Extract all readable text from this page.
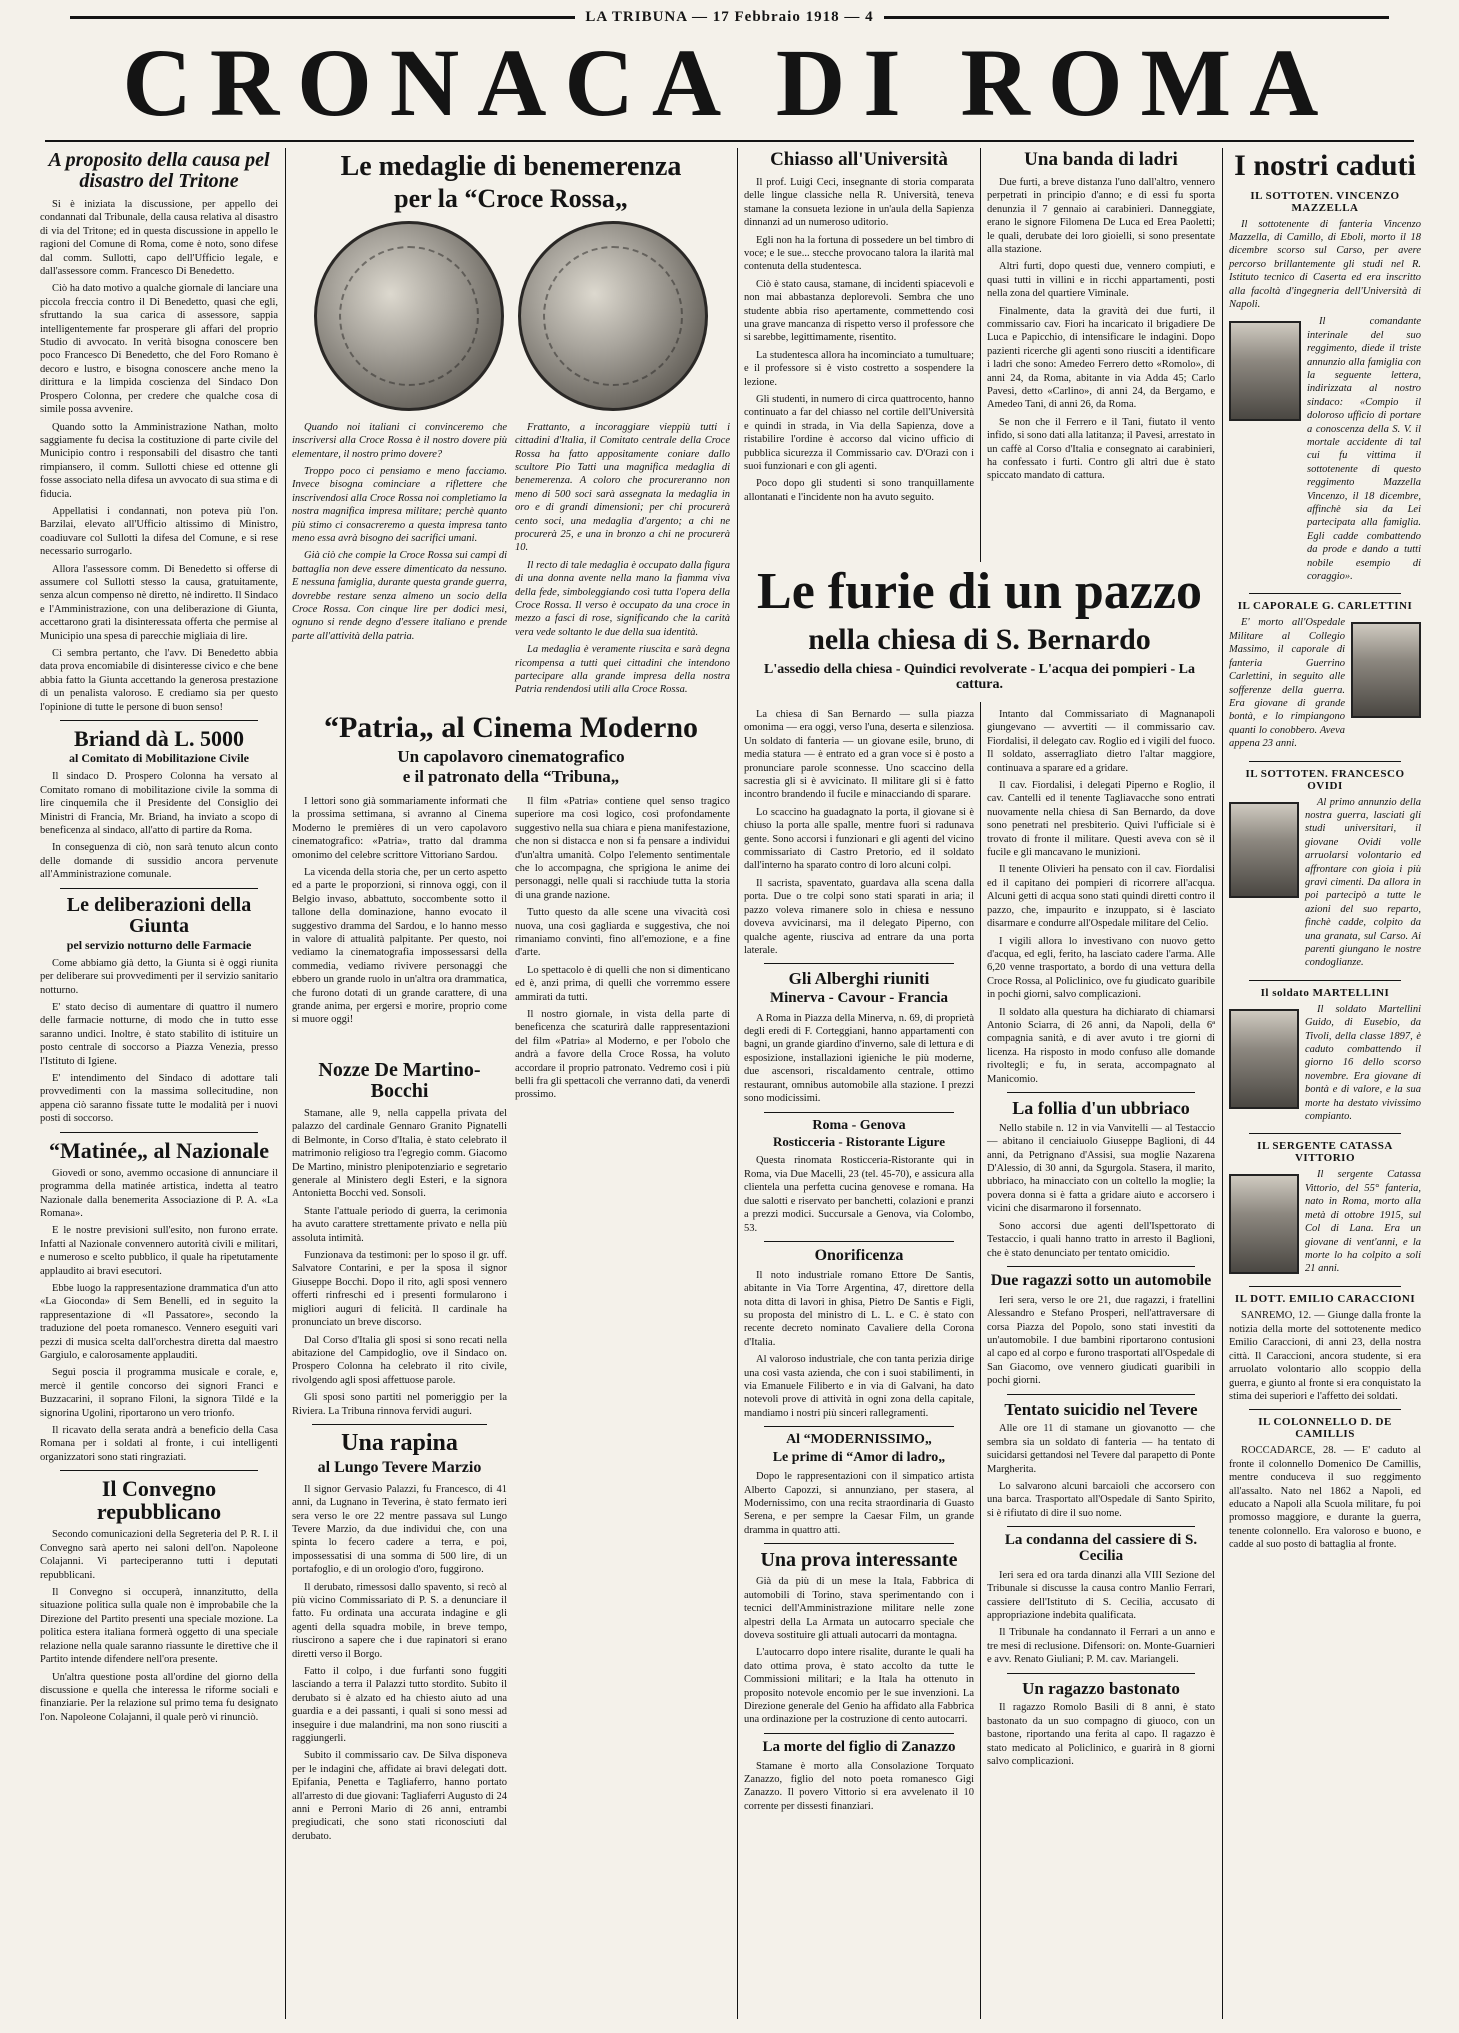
LA TRIBUNA — 17 Febbraio 1918 — 4
CRONACA DI ROMA
A proposito della causa pel disastro del Tritone

Si è iniziata la discussione, per appello dei condannati dal Tribunale, della causa relativa al disastro di via del Tritone; ed in questa discussione in appello le ragioni del Comune di Roma, come è noto, sono difese dal comm. Sullotti, capo dell'Ufficio legale, e dall'assessore comm. Francesco Di Benedetto.

Ciò ha dato motivo a qualche giornale di lanciare una piccola freccia contro il Di Benedetto, quasi che egli, sfruttando la sua carica di assessore, sappia intelligentemente far prosperare gli affari del proprio Studio di avvocato. In verità bisogna conoscere ben poco Francesco Di Benedetto, che del Foro Romano è decoro e lustro, e bisogna conoscere anche meno la dirittura e la limpida coscienza del Sindaco Don Prospero Colonna, per credere che qualche cosa di simile possa avvenire.

Quando sotto la Amministrazione Nathan, molto saggiamente fu decisa la costituzione di parte civile del Municipio contro i responsabili del disastro che tanti rimpiansero, il comm. Sullotti chiese ed ottenne gli fosse associato nella difesa un avvocato di sua stima e di fiducia.

Appellatisi i condannati, non poteva più l'on. Barzilai, elevato all'Ufficio altissimo di Ministro, coadiuvare col Sullotti la difesa del Comune, e si rese necessario surrogarlo.

Allora l'assessore comm. Di Benedetto si offerse di assumere col Sullotti stesso la causa, gratuitamente, senza alcun compenso nè diretto, nè indiretto. Il Sindaco e l'Amministrazione, con una deliberazione di Giunta, accettarono grati la disinteressata offerta che permise al Municipio una spesa di parecchie migliaia di lire.

Ci sembra pertanto, che l'avv. Di Benedetto abbia data prova encomiabile di disinteresse civico e che bene abbia fatto la Giunta accettando la generosa prestazione di un penalista valoroso. E crediamo sia per questo l'opinione di tutte le persone di buon senso!

Briand dà L. 5000
al Comitato di Mobilitazione Civile

Il sindaco D. Prospero Colonna ha versato al Comitato romano di mobilitazione civile la somma di lire cinquemila che il Presidente del Consiglio dei Ministri di Francia, Mr. Briand, ha inviato a scopo di beneficenza al sindaco, all'atto di partire da Roma.

In conseguenza di ciò, non sarà tenuto alcun conto delle domande di sussidio ancora pervenute all'Amministrazione comunale.

Le deliberazioni della Giunta
pel servizio notturno delle Farmacie

Come abbiamo già detto, la Giunta si è oggi riunita per deliberare sui provvedimenti per il servizio sanitario notturno.

E' stato deciso di aumentare di quattro il numero delle farmacie notturne, di modo che in tutto esse saranno undici. Inoltre, è stato stabilito di istituire un posto centrale di soccorso a Piazza Venezia, presso l'Istituto di Igiene.

E' intendimento del Sindaco di adottare tali provvedimenti con la massima sollecitudine, non appena ciò saranno fissate tutte le modalità per i nuovi posti di soccorso.

“Matinée„ al Nazionale

Giovedì or sono, avemmo occasione di annunciare il programma della matinée artistica, indetta al teatro Nazionale dalla benemerita Associazione di P. A. «La Romana».

E le nostre previsioni sull'esito, non furono errate. Infatti al Nazionale convennero autorità civili e militari, e numeroso e scelto pubblico, il quale ha ripetutamente applaudito ai bravi esecutori.

Ebbe luogo la rappresentazione drammatica d'un atto «La Gioconda» di Sem Benelli, ed in seguito la rappresentazione di «Il Passatore», secondo la traduzione del poeta romanesco. Vennero eseguiti vari pezzi di musica scelta dall'orchestra diretta dal maestro Gargiulo, e calorosamente applauditi.

Seguì poscia il programma musicale e corale, e, mercè il gentile concorso dei signori Franci e Buzzacarini, il soprano Filoni, la signora Tildé e la signorina Ugolini, riportarono un vero trionfo.

Il ricavato della serata andrà a beneficio della Casa Romana per i soldati al fronte, i cui intelligenti organizzatori sono stati ringraziati.

Il Convegno repubblicano

Secondo comunicazioni della Segreteria del P. R. I. il Convegno sarà aperto nei saloni dell'on. Napoleone Colajanni. Vi parteciperanno tutti i deputati repubblicani.

Il Convegno si occuperà, innanzitutto, della situazione politica sulla quale non è improbabile che la Direzione del Partito presenti una speciale mozione. La politica estera italiana formerà oggetto di una speciale relazione nella quale saranno riassunte le direttive che il Partito intende difendere nell'ora presente.

Un'altra questione posta all'ordine del giorno della discussione e quella che interessa le riforme sociali e finanziarie. Per la relazione sul primo tema fu designato l'on. Napoleone Colajanni, il quale però vi rinunciò.

Le medaglie di benemerenza
per la “Croce Rossa„

Quando noi italiani ci convinceremo che inscriversi alla Croce Rossa è il nostro dovere più elementare, il nostro primo dovere?

Troppo poco ci pensiamo e meno facciamo. Invece bisogna cominciare a riflettere che inscrivendosi alla Croce Rossa noi completiamo la nostra magnifica impresa militare; perchè quanto più stimo ci consacreremo a questa impresa tanto meno essa avrà bisogno dei sacrifici umani.

Già ciò che compie la Croce Rossa sui campi di battaglia non deve essere dimenticato da nessuno. E nessuna famiglia, durante questa grande guerra, dovrebbe restare senza almeno un socio della Croce Rossa. Con cinque lire per dodici mesi, ognuno si rende degno d'essere italiano e prende parte all'attività della patria.

Frattanto, a incoraggiare vieppiù tutti i cittadini d'Italia, il Comitato centrale della Croce Rossa ha fatto appositamente coniare dallo scultore Pio Tatti una magnifica medaglia di benemerenza. A coloro che procureranno non meno di 500 soci sarà assegnata la medaglia in oro e di grandi dimensioni; per chi procurerà cento soci, una medaglia d'argento; a chi ne procurerà 25, e una in bronzo a chi ne procurerà 10.

Il recto di tale medaglia è occupato dalla figura di una donna avente nella mano la fiamma viva della fede, simboleggiando così tutta l'opera della Croce Rossa. Il verso è occupato da una croce in mezzo a fasci di rose, significando che la carità vera vede soltanto le due della sua identità.

La medaglia è veramente riuscita e sarà degna ricompensa a tutti quei cittadini che intendono partecipare alla grande impresa della nostra Patria rendendosi utili alla Croce Rossa.

“Patria„ al Cinema Moderno
Un capolavoro cinematografico
e il patronato della “Tribuna„

I lettori sono già sommariamente informati che la prossima settimana, si avranno al Cinema Moderno le premières di un vero capolavoro cinematografico: «Patria», tratto dal dramma omonimo del celebre scrittore Vittoriano Sardou.

La vicenda della storia che, per un certo aspetto ed a parte le proporzioni, si rinnova oggi, con il Belgio invaso, abbattuto, soccombente sotto il tallone della dominazione, hanno evocato il suggestivo dramma del Sardou, e lo hanno messo in valore di attualità palpitante. Per questo, noi vediamo la cinematografia impossessarsi della commedia, vediamo rivivere personaggi che ebbero un grande ruolo in un'altra ora drammatica, che furono dotati di un grande carattere, di una grande anima, per ergersi e morire, proprio come si muore oggi!

Il film «Patria» contiene quel senso tragico superiore ma così logico, così profondamente suggestivo nella sua chiara e piena manifestazione, che non si distacca e non si fa pensare a individui d'un'altra umanità. Colpo l'elemento sentimentale che lo accompagna, che sprigiona le anime dei personaggi, nelle quali si racchiude tutta la storia di una grande nazione.

Tutto questo da alle scene una vivacità così nuova, una così gagliarda e suggestiva, che noi rimaniamo convinti, fino all'emozione, e a fine d'arte.

Lo spettacolo è di quelli che non si dimenticano ed è, anzi prima, di quelli che vorremmo essere ammirati da tutti.

Il nostro giornale, in vista della parte di beneficenza che scaturirà dalle rappresentazioni del film «Patria» al Moderno, e per l'obolo che andrà a favore della Croce Rossa, ha voluto accordare il proprio patronato. Vedremo così i più belli fra gli spettacoli che verranno dati, da venerdì prossimo.

Nozze De Martino-Bocchi

Stamane, alle 9, nella cappella privata del palazzo del cardinale Gennaro Granito Pignatelli di Belmonte, in Corso d'Italia, è stato celebrato il matrimonio religioso tra l'egregio comm. Giacomo De Martino, ministro plenipotenziario e segretario generale al Ministero degli Esteri, e la signora Antonietta Bocchi ved. Sonsoli.

Stante l'attuale periodo di guerra, la cerimonia ha avuto carattere strettamente privato e nella più assoluta intimità.

Funzionava da testimoni: per lo sposo il gr. uff. Salvatore Contarini, e per la sposa il signor Giuseppe Bocchi. Dopo il rito, agli sposi vennero offerti rinfreschi ed i presenti formularono i migliori auguri di felicità. Il cardinale ha pronunciato un breve discorso.

Dal Corso d'Italia gli sposi si sono recati nella abitazione del Campidoglio, ove il Sindaco on. Prospero Colonna ha celebrato il rito civile, rivolgendo agli sposi affettuose parole.

Gli sposi sono partiti nel pomeriggio per la Riviera. La Tribuna rinnova fervidi auguri.

Una rapina
al Lungo Tevere Marzio

Il signor Gervasio Palazzi, fu Francesco, di 41 anni, da Lugnano in Teverina, è stato fermato ieri sera verso le ore 22 mentre passava sul Lungo Tevere Marzio, da due individui che, con una spinta lo fecero cadere a terra, e poi, impossessatisi di una somma di 500 lire, di un portafoglio, e di un orologio d'oro, fuggirono.

Il derubato, rimessosi dallo spavento, si recò al più vicino Commissariato di P. S. a denunciare il fatto. Fu ordinata una accurata indagine e gli agenti della squadra mobile, in breve tempo, riuscirono a sapere che i due rapinatori si erano diretti verso il Borgo.

Fatto il colpo, i due furfanti sono fuggiti lasciando a terra il Palazzi tutto stordito. Subito il derubato si è alzato ed ha chiesto aiuto ad una guardia e a dei passanti, i quali si sono messi ad inseguire i due malandrini, ma non sono riusciti a raggiungerli.

Subito il commissario cav. De Silva disponeva per le indagini che, affidate ai bravi delegati dott. Epifania, Penetta e Tagliaferro, hanno portato all'arresto di due giovani: Tagliaferri Augusto di 24 anni e Perroni Mario di 26 anni, entrambi pregiudicati, che sono stati riconosciuti dal derubato.

Chiasso all'Università

Il prof. Luigi Ceci, insegnante di storia comparata delle lingue classiche nella R. Università, teneva stamane la consueta lezione in un'aula della Sapienza dinnanzi ad un numeroso uditorio.

Egli non ha la fortuna di possedere un bel timbro di voce; e le sue... stecche provocano talora la ilarità mal contenuta della studentesca.

Ciò è stato causa, stamane, di incidenti spiacevoli e non mai abbastanza deplorevoli. Sembra che uno studente abbia riso apertamente, commettendo così una grave mancanza di rispetto verso il professore che si sarebbe, legittimamente, risentito.

La studentesca allora ha incominciato a tumultuare; e il professore si è visto costretto a sospendere la lezione.

Gli studenti, in numero di circa quattrocento, hanno continuato a far del chiasso nel cortile dell'Università e quindi in strada, in Via della Sapienza, dove a ristabilire l'ordine è accorso dal vicino ufficio di pubblica sicurezza il Commissario cav. D'Orazi con i suoi funzionari e con gli agenti.

Poco dopo gli studenti si sono tranquillamente allontanati e l'incidente non ha avuto seguito.

Una banda di ladri

Due furti, a breve distanza l'uno dall'altro, vennero perpetrati in principio d'anno; e di essi fu sporta denunzia il 7 gennaio ai carabinieri. Danneggiate, erano le signore Filomena De Luca ed Erea Paoletti; le quali, derubate dei loro gioielli, si sono presentate alla stazione.

Altri furti, dopo questi due, vennero compiuti, e quasi tutti in villini e in ricchi appartamenti, posti nella zona del quartiere Viminale.

Finalmente, data la gravità dei due furti, il commissario cav. Fiori ha incaricato il brigadiere De Luca e Papicchio, di intensificare le indagini. Dopo pazienti ricerche gli agenti sono riusciti a identificare i ladri che sono: Amedeo Ferrero detto «Romolo», di anni 24, da Roma, abitante in via Adda 45; Carlo Pavesi, detto «Carlino», di anni 24, da Bergamo, e Amedeo Tani, di anni 26, da Roma.

Se non che il Ferrero e il Tani, fiutato il vento infido, si sono dati alla latitanza; il Pavesi, arrestato in un caffè al Corso d'Italia e consegnato ai carabinieri, ha confessato i furti. Contro gli altri due è stato spiccato mandato di cattura.

Le furie di un pazzo
nella chiesa di S. Bernardo
L'assedio della chiesa - Quindici revolverate - L'acqua dei pompieri - La cattura.

La chiesa di San Bernardo — sulla piazza omonima — era oggi, verso l'una, deserta e silenziosa. Un soldato di fanteria — un giovane esile, bruno, di media statura — è entrato ed a gran voce si è posto a pronunciare parole sconnesse. Uno scaccino della sacrestia gli si è avvicinato. Il militare gli si è fatto incontro brandendo il fucile e minacciando di sparare.

Lo scaccino ha guadagnato la porta, il giovane si è chiuso la porta alle spalle, mentre fuori si radunava gente. Sono accorsi i funzionari e gli agenti del vicino commissariato di Castro Pretorio, ed il soldato dall'interno ha sparato contro di loro alcuni colpi.

Il sacrista, spaventato, guardava alla scena dalla porta. Due o tre colpi sono stati sparati in aria; il pazzo voleva rimanere solo in chiesa e nessuno doveva avvicinarsi, ma il delegato Piperno, con qualche agente, riusciva ad entrare da una porta laterale.

Gli Alberghi riuniti
Minerva - Cavour - Francia

A Roma in Piazza della Minerva, n. 69, di proprietà degli eredi di F. Corteggiani, hanno appartamenti con bagni, un grande giardino d'inverno, sale di lettura e di esposizione, installazioni igieniche le più moderne, due ascensori, riscaldamento centrale, ottimo restaurant, omnibus automobile alla stazione. I prezzi sono modicissimi.

Roma - Genova
Rosticceria - Ristorante Ligure

Questa rinomata Rosticceria-Ristorante qui in Roma, via Due Macelli, 23 (tel. 45-70), e assicura alla clientela una perfetta cucina genovese e romana. Ha due salotti e riservato per banchetti, colazioni e pranzi a prezzi modici. Succursale a Genova, via Colombo, 53.

Onorificenza

Il noto industriale romano Ettore De Santis, abitante in Via Torre Argentina, 47, direttore della nota ditta di lavori in ghisa, Pietro De Santis e Figli, su proposta del ministro di L. L. e C. è stato con recente decreto nominato Cavaliere della Corona d'Italia.

Al valoroso industriale, che con tanta perizia dirige una così vasta azienda, che con i suoi stabilimenti, in via Emanuele Filiberto e in via di Galvani, ha dato notevoli prove di attività in ogni zona della capitale, mandiamo i nostri più sinceri rallegramenti.

Al “MODERNISSIMO„
Le prime di “Amor di ladro„

Dopo le rappresentazioni con il simpatico artista Alberto Capozzi, si annunziano, per stasera, al Modernissimo, con una recita straordinaria di Guasto Serena, e per sempre la Caesar Film, un grande dramma in quattro atti.

Una prova interessante

Già da più di un mese la Itala, Fabbrica di automobili di Torino, stava sperimentando con i tecnici dell'Amministrazione militare nelle zone alpestri della La Armata un autocarro speciale che doveva sostituire gli attuali autocarri da montagna.

L'autocarro dopo intere risalite, durante le quali ha dato ottima prova, è stato accolto da tutte le Commissioni militari; e la Itala ha ottenuto in proposito notevole encomio per le sue invenzioni. La Direzione generale del Genio ha affidato alla Fabbrica una ordinazione per la costruzione di cento autocarri.

La morte del figlio di Zanazzo

Stamane è morto alla Consolazione Torquato Zanazzo, figlio del noto poeta romanesco Gigi Zanazzo. Il povero Vittorio si era avvelenato il 10 corrente per dissesti finanziari.

Intanto dal Commissariato di Magnanapoli giungevano — avvertiti — il commissario cav. Fiordalisi, il delegato cav. Roglio ed i vigili del fuoco. Il soldato, asserragliato dietro l'altar maggiore, continuava a sparare ed a gridare.

Il cav. Fiordalisi, i delegati Piperno e Roglio, il cav. Cantelli ed il tenente Tagliavacche sono entrati nuovamente nella chiesa di San Bernardo, da dove sono penetrati nel presbiterio. Quivi l'ufficiale si è trovato di fronte il militare. Questi aveva con sè il fucile e gli mancavano le munizioni.

Il tenente Olivieri ha pensato con il cav. Fiordalisi ed il capitano dei pompieri di ricorrere all'acqua. Alcuni getti di acqua sono stati quindi diretti contro il pazzo, che, impaurito e inzuppato, si è lasciato disarmare e condurre all'Ospedale militare del Celio.

I vigili allora lo investivano con nuovo getto d'acqua, ed egli, ferito, ha lasciato cadere l'arma. Alle 6,20 venne trasportato, a bordo di una vettura della Croce Rossa, al Policlinico, ove fu giudicato guaribile in pochi giorni, salvo complicazioni.

Il soldato alla questura ha dichiarato di chiamarsi Antonio Sciarra, di 26 anni, da Napoli, della 6ª compagnia sanità, e di aver avuto i tre giorni di licenza. Ha risposto in modo confuso alle domande rivoltegli; e fu, in serata, accompagnato al Manicomio.

La follia d'un ubbriaco

Nello stabile n. 12 in via Vanvitelli — al Testaccio — abitano il cenciaiuolo Giuseppe Baglioni, di 44 anni, da Petrignano d'Assisi, sua moglie Nazarena D'Alessio, di 30 anni, da Sgurgola. Stasera, il marito, ubbriaco, ha minacciato con un coltello la moglie; la povera donna si è fatta a gridare aiuto e accorsero i vicini che disarmarono il forsennato.

Sono accorsi due agenti dell'Ispettorato di Testaccio, i quali hanno tratto in arresto il Baglioni, che è stato denunciato per tentato omicidio.

Due ragazzi sotto un automobile

Ieri sera, verso le ore 21, due ragazzi, i fratellini Alessandro e Stefano Prosperi, nell'attraversare di corsa Piazza del Popolo, sono stati investiti da un'automobile. I due bambini riportarono contusioni al capo ed al corpo e furono trasportati all'Ospedale di San Giacomo, ove vennero giudicati guaribili in pochi giorni.

Tentato suicidio nel Tevere

Alle ore 11 di stamane un giovanotto — che sembra sia un soldato di fanteria — ha tentato di suicidarsi gettandosi nel Tevere dal parapetto di Ponte Margherita.

Lo salvarono alcuni barcaioli che accorsero con una barca. Trasportato all'Ospedale di Santo Spirito, si è rifiutato di dire il suo nome.

La condanna del cassiere di S. Cecilia

Ieri sera ed ora tarda dinanzi alla VIII Sezione del Tribunale si discusse la causa contro Manlio Ferrari, cassiere dell'Istituto di S. Cecilia, accusato di appropriazione indebita qualificata.

Il Tribunale ha condannato il Ferrari a un anno e tre mesi di reclusione. Difensori: on. Monte-Guarnieri e avv. Renato Giuliani; P. M. cav. Mariangeli.

Un ragazzo bastonato

Il ragazzo Romolo Basili di 8 anni, è stato bastonato da un suo compagno di giuoco, con un bastone, riportando una ferita al capo. Il ragazzo è stato medicato al Policlinico, e guarirà in 8 giorni salvo complicazioni.

I nostri caduti
IL SOTTOTEN. VINCENZO MAZZELLA

Il sottotenente di fanteria Vincenzo Mazzella, di Camillo, di Eboli, morto il 18 dicembre scorso sul Carso, per avere percorso brillantemente gli studi nel R. Istituto tecnico di Caserta ed era inscritto alla facoltà d'ingegneria dell'Università di Napoli.

Il comandante interinale del suo reggimento, diede il triste annunzio alla famiglia con la seguente lettera, indirizzata al nostro sindaco: «Compio il doloroso ufficio di portare a conoscenza della S. V. il mortale accidente di tal cui fu vittima il sottotenente di questo reggimento Mazzella Vincenzo, il 18 dicembre, affinchè sia da Lei partecipata alla famiglia. Egli cadde combattendo da prode e dando a tutti nobile esempio di coraggio».

IL CAPORALE G. CARLETTINI

E' morto all'Ospedale Militare al Collegio Massimo, il caporale di fanteria Guerrino Carlettini, in seguito alle sofferenze della guerra. Era giovane di grande bontà, e lo rimpiangono quanti lo conobbero. Aveva appena 23 anni.

IL SOTTOTEN. FRANCESCO OVIDI

Al primo annunzio della nostra guerra, lasciati gli studi universitari, il giovane Ovidi volle arruolarsi volontario ed affrontare con gioia i più gravi cimenti. Da allora in poi partecipò a tutte le azioni del suo reparto, finchè cadde, colpito da una granata, sul Carso. Ai parenti giungano le nostre condoglianze.

Il soldato MARTELLINI

Il soldato Martellini Guido, di Eusebio, da Tivoli, della classe 1897, è caduto combattendo il giorno 16 dello scorso novembre. Era giovane di bontà e di valore, e la sua morte ha destato vivissimo compianto.

IL SERGENTE CATASSA VITTORIO

Il sergente Catassa Vittorio, del 55° fanteria, nato in Roma, morto alla metà di ottobre 1915, sul Col di Lana. Era un giovane di vent'anni, e la morte lo ha colpito a soli 21 anni.

IL DOTT. EMILIO CARACCIONI

SANREMO, 12. — Giunge dalla fronte la notizia della morte del sottotenente medico Emilio Caraccioni, di anni 23, della nostra città. Il Caraccioni, ancora studente, si era arruolato volontario allo scoppio della guerra, e giunto al fronte si era conquistato la stima dei superiori e l'affetto dei soldati.

IL COLONNELLO D. DE CAMILLIS

ROCCADARCE, 28. — E' caduto al fronte il colonnello Domenico De Camillis, mentre conduceva il suo reggimento all'assalto. Nato nel 1862 a Napoli, ed educato a Napoli alla Scuola militare, fu poi promosso maggiore, e durante la guerra, tenente colonnello. Era valoroso e buono, e cadde al suo posto di battaglia al fronte.
